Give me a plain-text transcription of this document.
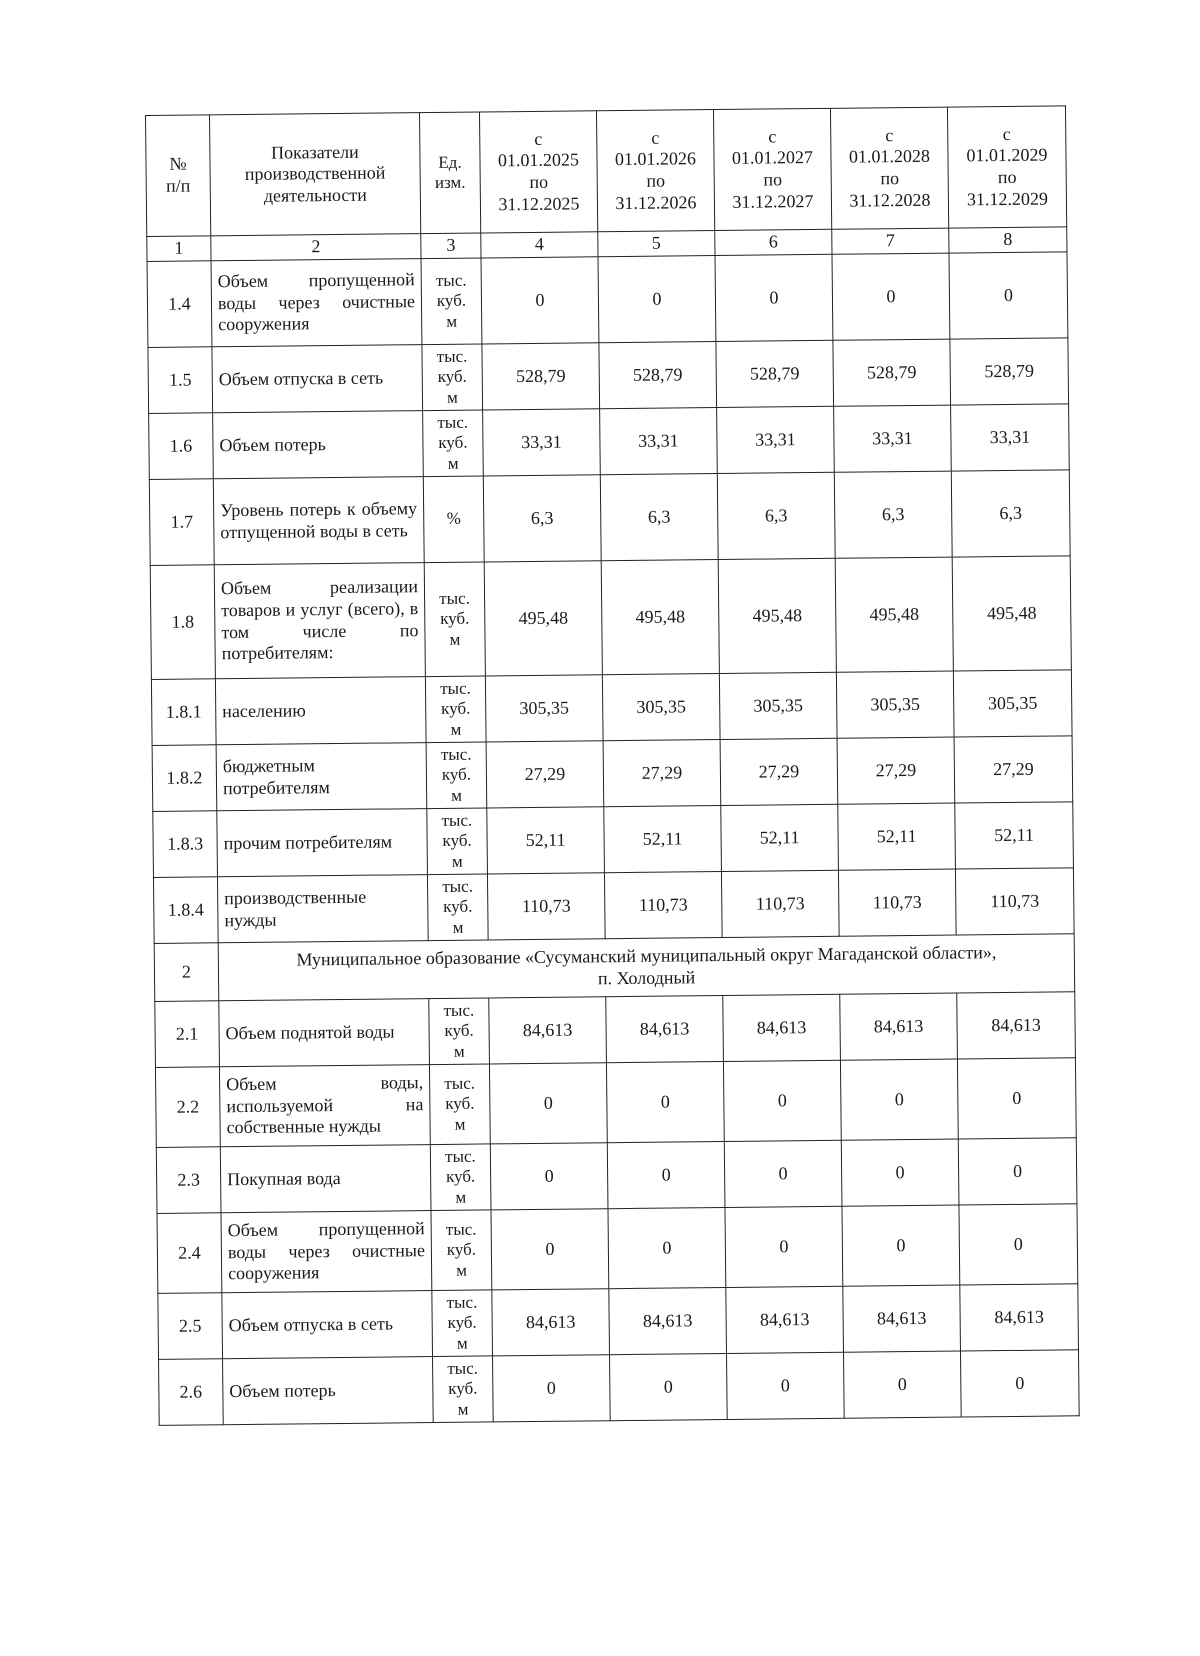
№
п/п	Показатели
производственной
деятельности	Ед.
изм.	с
01.01.2025
по
31.12.2025	с
01.01.2026
по
31.12.2026	с
01.01.2027
по
31.12.2027	с
01.01.2028
по
31.12.2028	с
01.01.2029
по
31.12.2029

1	2	3	4	5	6	7	8
1.4	Объем пропущенной воды через очистные сооружения	тыс.
куб.
м	0	0	0	0	0
1.5	Объем отпуска в сеть	тыс.
куб.
м	528,79	528,79	528,79	528,79	528,79
1.6	Объем потерь	тыс.
куб.
м	33,31	33,31	33,31	33,31	33,31
1.7	Уровень потерь к объему отпущенной воды в сеть	%	6,3	6,3	6,3	6,3	6,3
1.8	Объем реализации товаров и услуг (всего), в том числе по потребителям:	тыс.
куб.
м	495,48	495,48	495,48	495,48	495,48
1.8.1	населению	тыс.
куб.
м	305,35	305,35	305,35	305,35	305,35
1.8.2	бюджетным потребителям	тыс.
куб.
м	27,29	27,29	27,29	27,29	27,29
1.8.3	прочим потребителям	тыс.
куб.
м	52,11	52,11	52,11	52,11	52,11
1.8.4	производственные нужды	тыс.
куб.
м	110,73	110,73	110,73	110,73	110,73
2	Муниципальное образование «Сусуманский муниципальный округ Магаданской области»,
п. Холодный						

2.1	Объем поднятой воды	тыс.
куб.
м	84,613	84,613	84,613	84,613	84,613
2.2	Объем воды, используемой на собственные нужды	тыс.
куб.
м	0	0	0	0	0
2.3	Покупная вода	тыс.
куб.
м	0	0	0	0	0
2.4	Объем пропущенной воды через очистные сооружения	тыс.
куб.
м	0	0	0	0	0
2.5	Объем отпуска в сеть	тыс.
куб.
м	84,613	84,613	84,613	84,613	84,613
2.6	Объем потерь	тыс.
куб.
м	0	0	0	0	0
